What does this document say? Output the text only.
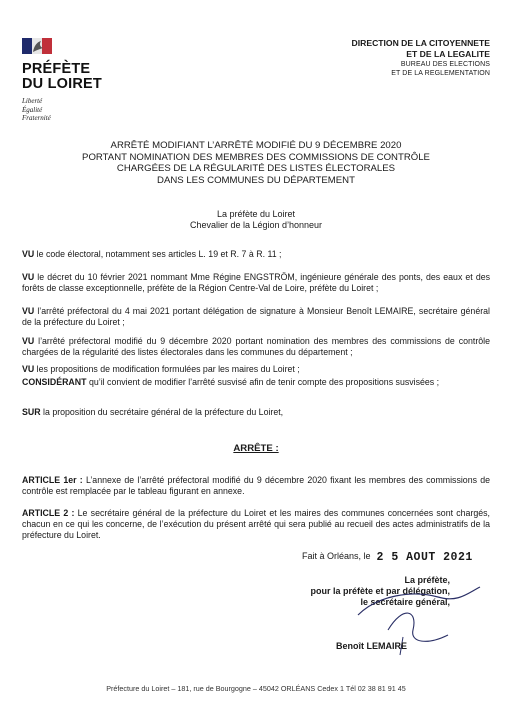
PRÉFÈTE
DU LOIRET
Liberté
Égalité
Fraternité
DIRECTION DE LA CITOYENNETE
ET DE LA LEGALITE
BUREAU DES ELECTIONS
ET DE LA REGLEMENTATION
ARRÊTÉ MODIFIANT L’ARRÊTÉ MODIFIÉ DU 9 DÉCEMBRE 2020
PORTANT NOMINATION DES MEMBRES DES COMMISSIONS DE CONTRÔLE
CHARGÉES DE LA RÉGULARITÉ DES LISTES ÉLECTORALES
DANS LES COMMUNES DU DÉPARTEMENT
La préfète du Loiret
Chevalier de la Légion d’honneur
VU le code électoral, notamment ses articles L. 19 et R. 7 à R. 11 ;
VU le décret du 10 février 2021 nommant Mme Régine ENGSTRÖM, ingénieure générale des ponts, des eaux et des forêts de classe exceptionnelle, préfète de la Région Centre-Val de Loire, préfète du Loiret ;
VU l’arrêté préfectoral du 4 mai 2021 portant délégation de signature à Monsieur Benoît LEMAIRE, secrétaire général de la préfecture du Loiret ;
VU l’arrêté préfectoral modifié du 9 décembre 2020 portant nomination des membres des commissions de contrôle chargées de la régularité des listes électorales dans les communes du département ;
VU les propositions de modification formulées par les maires du Loiret ;
CONSIDÉRANT qu’il convient de modifier l’arrêté susvisé afin de tenir compte des propositions susvisées ;
SUR la proposition du secrétaire général de la préfecture du Loiret,
ARRÊTE :
ARTICLE 1er : L’annexe de l’arrêté préfectoral modifié du 9 décembre 2020 fixant les membres des commissions de contrôle est remplacée par le tableau figurant en annexe.
ARTICLE 2 : Le secrétaire général de la préfecture du Loiret et les maires des communes concernées sont chargés, chacun en ce qui les concerne, de l’exécution du présent arrêté qui sera publié au recueil des actes administratifs de la préfecture du Loiret.
Fait à Orléans, le 2 5 AOUT 2021
La préfète,
pour la préfète et par délégation,
le secrétaire général,
Benoît LEMAIRE
Préfecture du Loiret – 181, rue de Bourgogne – 45042 ORLÉANS Cedex 1 Tél 02 38 81 91 45
